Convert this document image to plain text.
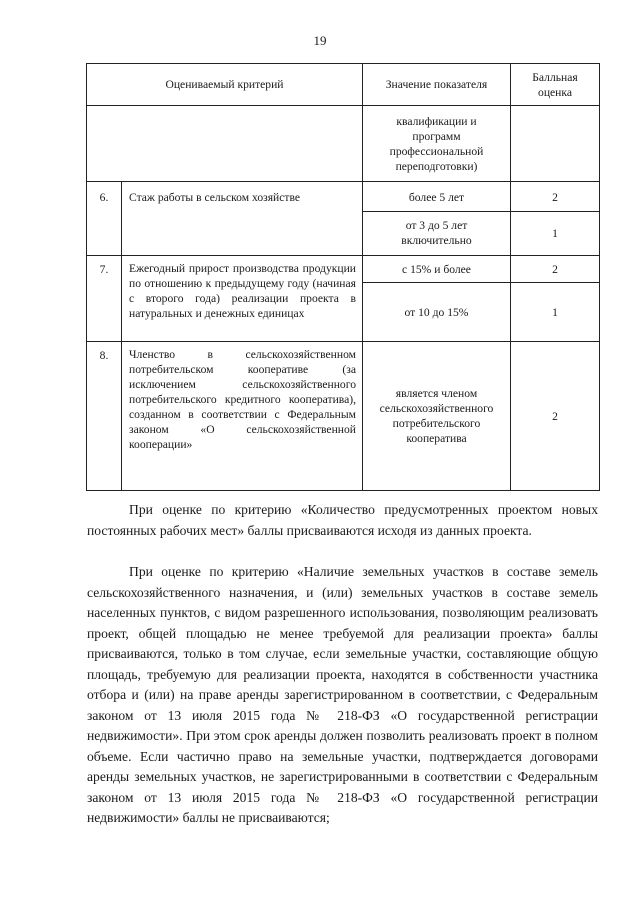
19
Оцениваемый критерий		Значение показателя	Балльная оценка
		квалификации и программ профессиональной переподготовки)	
6.	Стаж работы в сельском хозяйстве	более 5 лет	2
		от 3 до 5 лет включительно	1
7.	Ежегодный прирост производства продукции по отношению к предыдущему году (начиная с второго года) реализации проекта в натуральных и денежных единицах	с 15% и более	2
		от 10 до 15%	1
8.	Членство в сельскохозяйственном потребительском кооперативе (за исключением сельскохозяйственного потребительского кредитного кооператива), созданном в соответствии с Федеральным законом «О сельскохозяйственной кооперации»	является членом сельскохозяйственного потребительского кооператива	2

При оценке по критерию «Количество предусмотренных проектом новых постоянных рабочих мест» баллы присваиваются исходя из данных проекта.

При оценке по критерию «Наличие земельных участков в составе земель сельскохозяйственного назначения, и (или) земельных участков в составе земель населенных пунктов, с видом разрешенного использования, позволяющим реализовать проект, общей площадью не менее требуемой для реализации проекта» баллы присваиваются, только в том случае, если земельные участки, составляющие общую площадь, требуемую для реализации проекта, находятся в собственности участника отбора и (или) на праве аренды зарегистрированном в соответствии, с Федеральным законом от 13 июля 2015 года № 218-ФЗ «О государственной регистрации недвижимости». При этом срок аренды должен позволить реализовать проект в полном объеме. Если частично право на земельные участки, подтверждается договорами аренды земельных участков, не зарегистрированными в соответствии с Федеральным законом от 13 июля 2015 года № 218-ФЗ «О государственной регистрации недвижимости» баллы не присваиваются;
